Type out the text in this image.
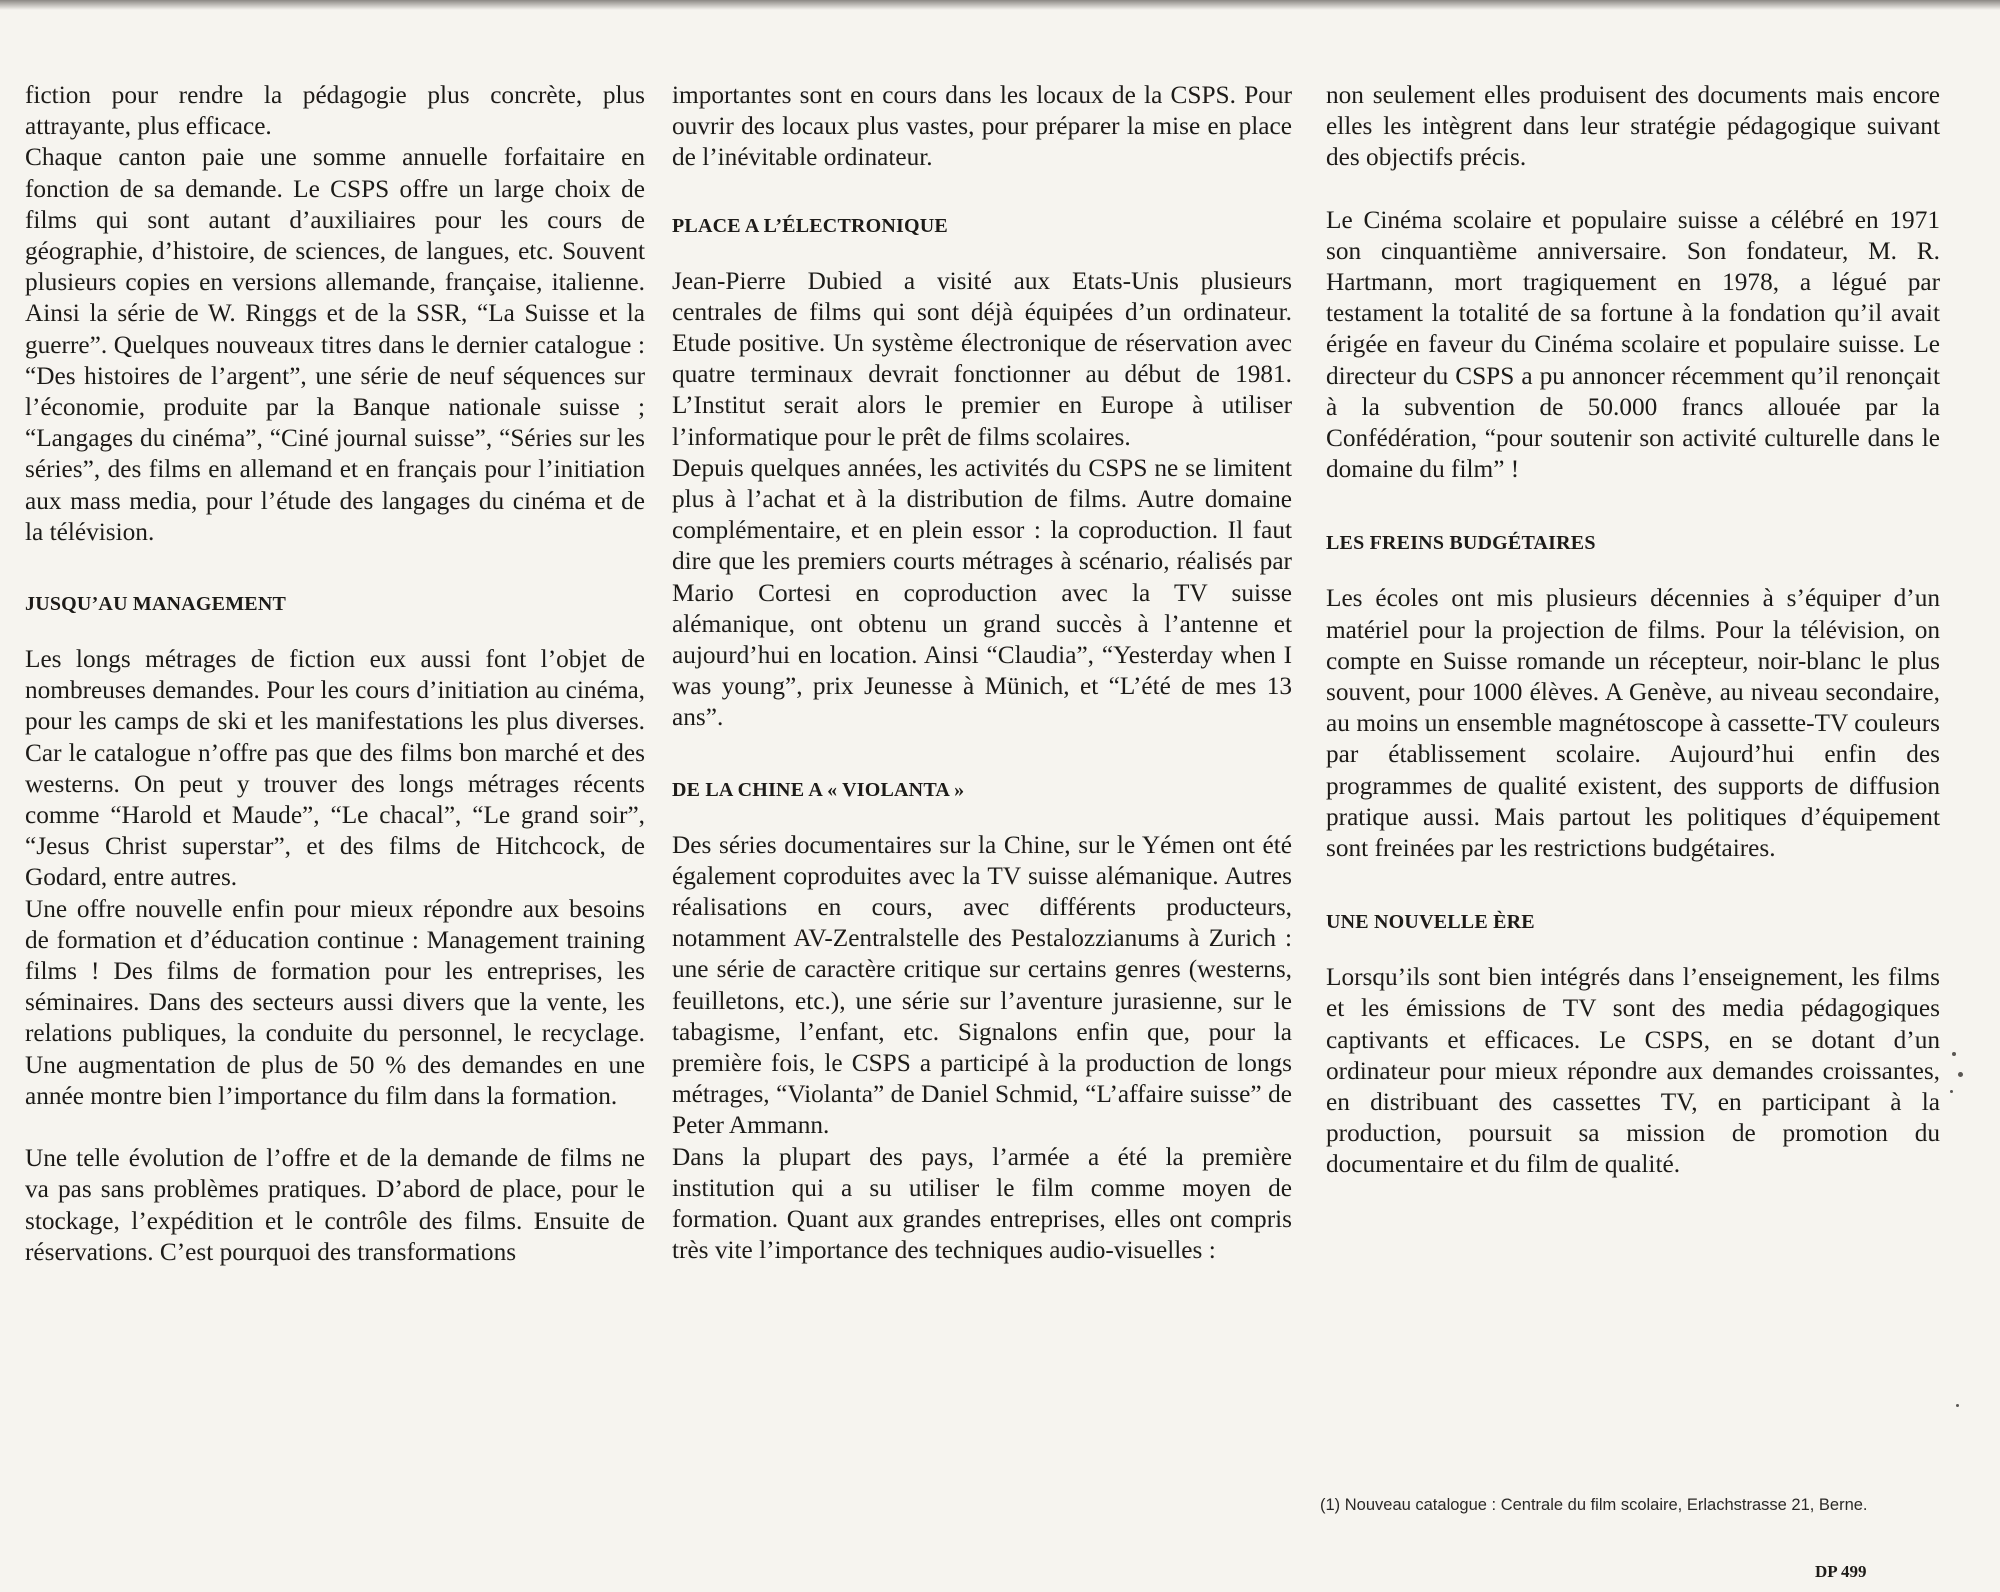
fiction pour rendre la pédagogie plus concrète, plus attrayante, plus efficace.

Chaque canton paie une somme annuelle forfaitaire en fonction de sa demande. Le CSPS offre un large choix de films qui sont autant d’auxiliaires pour les cours de géographie, d’histoire, de sciences, de langues, etc. Souvent plusieurs copies en versions allemande, française, italienne. Ainsi la série de W. Ringgs et de la SSR, “La Suisse et la guerre”. Quelques nouveaux titres dans le dernier catalogue : “Des histoires de l’argent”, une série de neuf séquences sur l’économie, produite par la Banque nationale suisse ; “Langages du cinéma”, “Ciné journal suisse”, “Séries sur les séries”, des films en allemand et en français pour l’initiation aux mass media, pour l’étude des langages du cinéma et de la télévision.

JUSQU’AU MANAGEMENT

Les longs métrages de fiction eux aussi font l’objet de nombreuses demandes. Pour les cours d’initiation au cinéma, pour les camps de ski et les manifestations les plus diverses. Car le catalogue n’offre pas que des films bon marché et des westerns. On peut y trouver des longs métrages récents comme “Harold et Maude”, “Le chacal”, “Le grand soir”, “Jesus Christ superstar”, et des films de Hitchcock, de Godard, entre autres.

Une offre nouvelle enfin pour mieux répondre aux besoins de formation et d’éducation continue : Management training films ! Des films de formation pour les entreprises, les séminaires. Dans des secteurs aussi divers que la vente, les relations publiques, la conduite du personnel, le recyclage. Une augmentation de plus de 50 % des demandes en une année montre bien l’importance du film dans la formation.

Une telle évolution de l’offre et de la demande de films ne va pas sans problèmes pratiques. D’abord de place, pour le stockage, l’expédition et le contrôle des films. Ensuite de réservations. C’est pourquoi des transformations

importantes sont en cours dans les locaux de la CSPS. Pour ouvrir des locaux plus vastes, pour préparer la mise en place de l’inévitable ordinateur.

PLACE A L’ÉLECTRONIQUE

Jean-Pierre Dubied a visité aux Etats-Unis plusieurs centrales de films qui sont déjà équipées d’un ordinateur. Etude positive. Un système électronique de réservation avec quatre terminaux devrait fonctionner au début de 1981. L’Institut serait alors le premier en Europe à utiliser l’informatique pour le prêt de films scolaires.

Depuis quelques années, les activités du CSPS ne se limitent plus à l’achat et à la distribution de films. Autre domaine complémentaire, et en plein essor : la coproduction. Il faut dire que les premiers courts métrages à scénario, réalisés par Mario Cortesi en coproduction avec la TV suisse alémanique, ont obtenu un grand succès à l’antenne et aujourd’hui en location. Ainsi “Claudia”, “Yesterday when I was young”, prix Jeunesse à Münich, et “L’été de mes 13 ans”.

DE LA CHINE A « VIOLANTA »

Des séries documentaires sur la Chine, sur le Yémen ont été également coproduites avec la TV suisse alémanique. Autres réalisations en cours, avec différents producteurs, notamment AV-Zentralstelle des Pestalozzianums à Zurich : une série de caractère critique sur certains genres (westerns, feuilletons, etc.), une série sur l’aventure jurasienne, sur le tabagisme, l’enfant, etc. Signalons enfin que, pour la première fois, le CSPS a participé à la production de longs métrages, “Violanta” de Daniel Schmid, “L’affaire suisse” de Peter Ammann.

Dans la plupart des pays, l’armée a été la première institution qui a su utiliser le film comme moyen de formation. Quant aux grandes entreprises, elles ont compris très vite l’importance des techniques audio-visuelles :

non seulement elles produisent des documents mais encore elles les intègrent dans leur stratégie pédagogique suivant des objectifs précis.

Le Cinéma scolaire et populaire suisse a célébré en 1971 son cinquantième anniversaire. Son fondateur, M. R. Hartmann, mort tragiquement en 1978, a légué par testament la totalité de sa fortune à la fondation qu’il avait érigée en faveur du Cinéma scolaire et populaire suisse. Le directeur du CSPS a pu annoncer récemment qu’il renonçait à la subvention de 50.000 francs allouée par la Confédération, “pour soutenir son activité culturelle dans le domaine du film” !

LES FREINS BUDGÉTAIRES

Les écoles ont mis plusieurs décennies à s’équiper d’un matériel pour la projection de films. Pour la télévision, on compte en Suisse romande un récepteur, noir-blanc le plus souvent, pour 1000 élèves. A Genève, au niveau secondaire, au moins un ensemble magnétoscope à cassette-TV couleurs par établissement scolaire. Aujourd’hui enfin des programmes de qualité existent, des supports de diffusion pratique aussi. Mais partout les politiques d’équipement sont freinées par les restrictions budgétaires.

UNE NOUVELLE ÈRE

Lorsqu’ils sont bien intégrés dans l’enseignement, les films et les émissions de TV sont des media pédagogiques captivants et efficaces. Le CSPS, en se dotant d’un ordinateur pour mieux répondre aux demandes croissantes, en distribuant des cassettes TV, en participant à la production, poursuit sa mission de promotion du documentaire et du film de qualité.

(1) Nouveau catalogue : Centrale du film scolaire, Erlachstrasse 21, Berne.
DP 499
